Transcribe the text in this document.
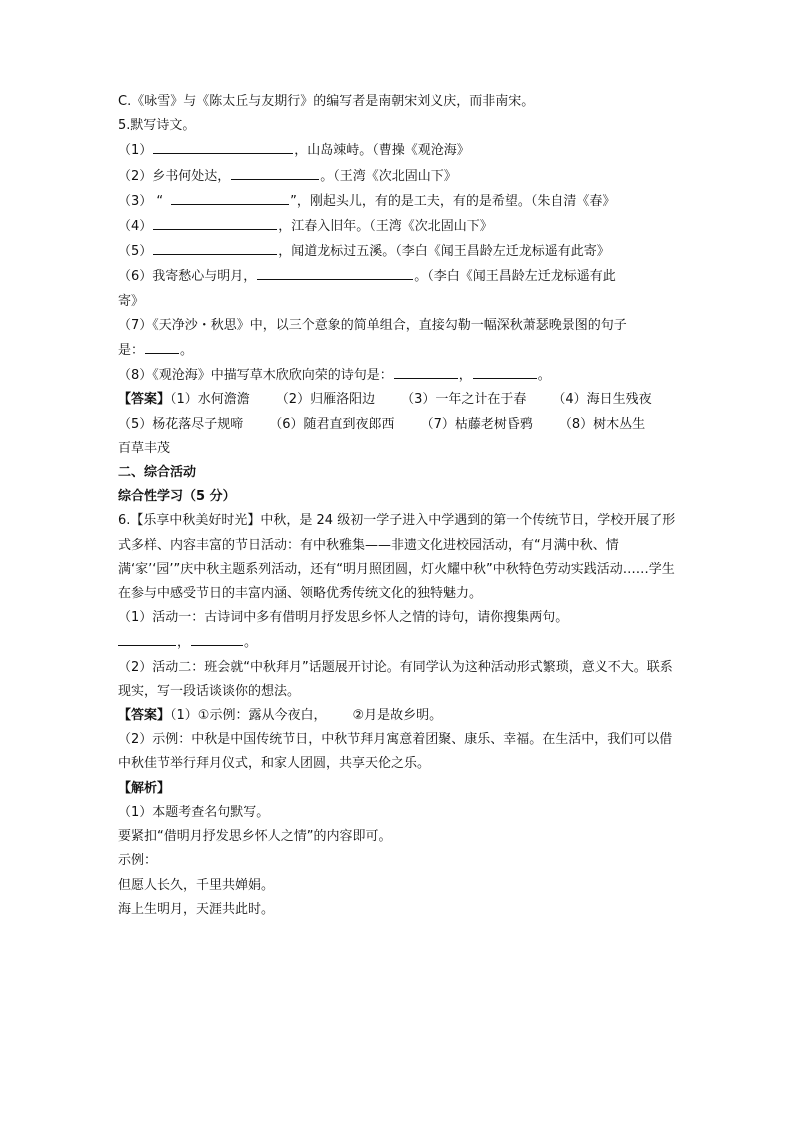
C.《咏雪》与《陈太丘与友期行》的编写者是南朝宋刘义庆，而非南宋。
5.默写诗文。
（1）	，山岛竦峙。（曹操《观沧海》
（2）乡书何处达，	。（王湾《次北固山下》
（3） “	”，刚起头儿，有的是工夫，有的是希望。（朱自清《春》
（4）	，江春入旧年。（王湾《次北固山下》
（5）	，闻道龙标过五溪。（李白《闻王昌龄左迁龙标遥有此寄》
（6）我寄愁心与明月，	。（李白《闻王昌龄左迁龙标遥有此
寄》
（7）《天净沙・秋思》中，以三个意象的简单组合，直接勾勒一幅深秋萧瑟晚景图的句子
是：	。
（8）《观沧海》中描写草木欣欣向荣的诗句是：	，	。
【答案】（1）水何澹澹 （2）归雁洛阳边 （3）一年之计在于春 （4）海日生残夜
（5）杨花落尽子规啼 （6）随君直到夜郎西 （7）枯藤老树昏鸦 （8）树木丛生
百草丰茂
二、综合活动
综合性学习（5 分）
6.【乐享中秋美好时光】中秋，是 24 级初一学子进入中学遇到的第一个传统节日，学校开展了形式多样、内容丰富的节日活动：有中秋雅集——非遗文化进校园活动，有“月满中秋、情满‘家’‘园’”庆中秋主题系列活动，还有“明月照团圆，灯火耀中秋”中秋特色劳动实践活动……学生在参与中感受节日的丰富内涵、领略优秀传统文化的独特魅力。
（1）活动一：古诗词中多有借明月抒发思乡怀人之情的诗句，请你搜集两句。
，	。
（2）活动二：班会就“中秋拜月”话题展开讨论。有同学认为这种活动形式繁琐，意义不大。联系现实，写一段话谈谈你的想法。
【答案】（1）①示例：露从今夜白， ②月是故乡明。
（2）示例：中秋是中国传统节日，中秋节拜月寓意着团聚、康乐、幸福。在生活中，我们可以借中秋佳节举行拜月仪式，和家人团圆，共享天伦之乐。
【解析】
（1）本题考查名句默写。
要紧扣“借明月抒发思乡怀人之情”的内容即可。
示例：
但愿人长久，千里共婵娟。
海上生明月，天涯共此时。
